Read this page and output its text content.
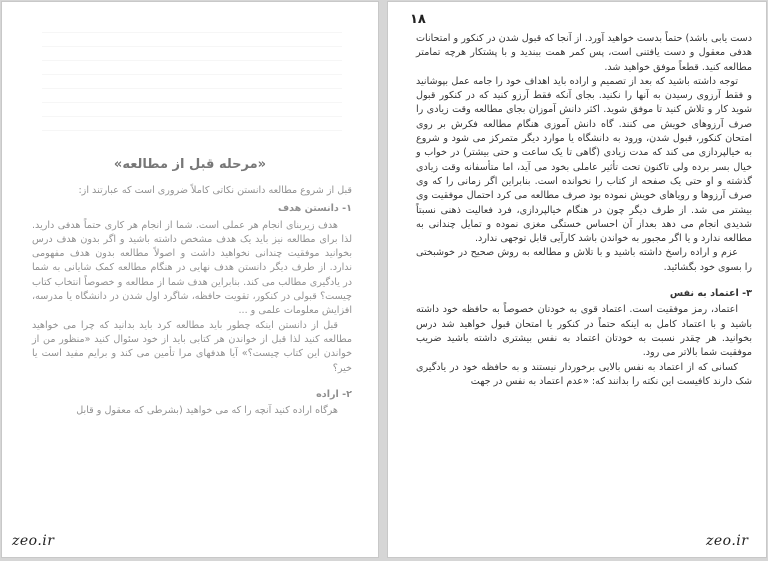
«مرحله قبل از مطالعه»

قبل از شروع مطالعه دانستن نکاتی کاملاً ضروری است که عبارتند از:

۱- دانستن هدف

هدف زیربنای انجام هر عملی است. شما از انجام هر کاری حتماً هدفی دارید. لذا برای مطالعه نیز باید یک هدف مشخص داشته باشید و اگر بدون هدف درس بخوانید موفقیت چندانی نخواهید داشت و اصولاً مطالعه بدون هدف مفهومی ندارد. از طرف دیگر دانستن هدف نهایی در هنگام مطالعه کمک شایانی به شما در یادگیری مطالب می کند. بنابراین هدف شما از مطالعه و خصوصاً انتخاب کتاب چیست؟ قبولی در کنکور، تقویت حافظه، شاگرد اول شدن در دانشگاه یا مدرسه، افزایش معلومات علمی و ...

قبل از دانستن اینکه چطور باید مطالعه کرد باید بدانید که چرا می خواهید مطالعه کنید لذا قبل از خواندن هر کتابی باید از خود سئوال کنید «منظور من از خواندن این کتاب چیست؟» آیا هدفهای مرا تأمین می کند و برایم مفید است یا خیر؟

۲- اراده

هرگاه اراده کنید آنچه را که می خواهید (بشرطی که معقول و قابل

zeo.ir
۱۸

دست یابی باشد) حتماً بدست خواهید آورد. از آنجا که قبول شدن در کنکور و امتحانات هدفی معقول و دست یافتنی است، پس کمر همت ببندید و با پشتکار هرچه تمامتر مطالعه کنید. قطعاً موفق خواهید شد.

توجه داشته باشید که بعد از تصمیم و اراده باید اهداف خود را جامه عمل بپوشانید و فقط آرزوی رسیدن به آنها را نکنید. بجای آنکه فقط آرزو کنید که در کنکور قبول شوید کار و تلاش کنید تا موفق شوید. اکثر دانش آموزان بجای مطالعه وقت زیادی را صرف آرزوهای خویش می کنند. گاه دانش آموزی هنگام مطالعه فکرش بر روی امتحان کنکور، قبول شدن، ورود به دانشگاه یا موارد دیگر متمرکز می شود و شروع به خیالپردازی می کند که مدت زیادی (گاهی تا یک ساعت و حتی بیشتر) در خواب و خیال بسر برده ولی تاکنون تحت تأثیر عاملی بخود می آید، اما متأسفانه وقت زیادی گذشته و او حتی یک صفحه از کتاب را نخوانده است. بنابراین اگر زمانی را که وی صرف آرزوها و رویاهای خویش نموده بود صرف مطالعه می کرد احتمال موفقیت وی بیشتر می شد. از طرف دیگر چون در هنگام خیالپردازی، فرد فعالیت ذهنی نسبتاً شدیدی انجام می دهد بعداز آن احساس خستگی مغزی نموده و تمایل چندانی به مطالعه ندارد و یا اگر مجبور به خواندن باشد کارآیی قابل توجهی ندارد.

عزم و اراده راسخ داشته باشید و با تلاش و مطالعه به روش صحیح در خوشبختی را بسوی خود بگشائید.

۳- اعتماد به نفس

اعتماد، رمز موفقیت است. اعتماد قوی به خودتان خصوصاً به حافظه خود داشته باشید و با اعتماد کامل به اینکه حتماً در کنکور یا امتحان قبول خواهید شد درس بخوانید. هر چقدر نسبت به خودتان اعتماد به نفس بیشتری داشته باشید ضریب موفقیت شما بالاتر می رود.

کسانی که از اعتماد به نفس بالایی برخوردار نیستند و به حافظه خود در یادگیری شک دارند کافیست این نکته را بدانند که: «عدم اعتماد به نفس در جهت

zeo.ir
